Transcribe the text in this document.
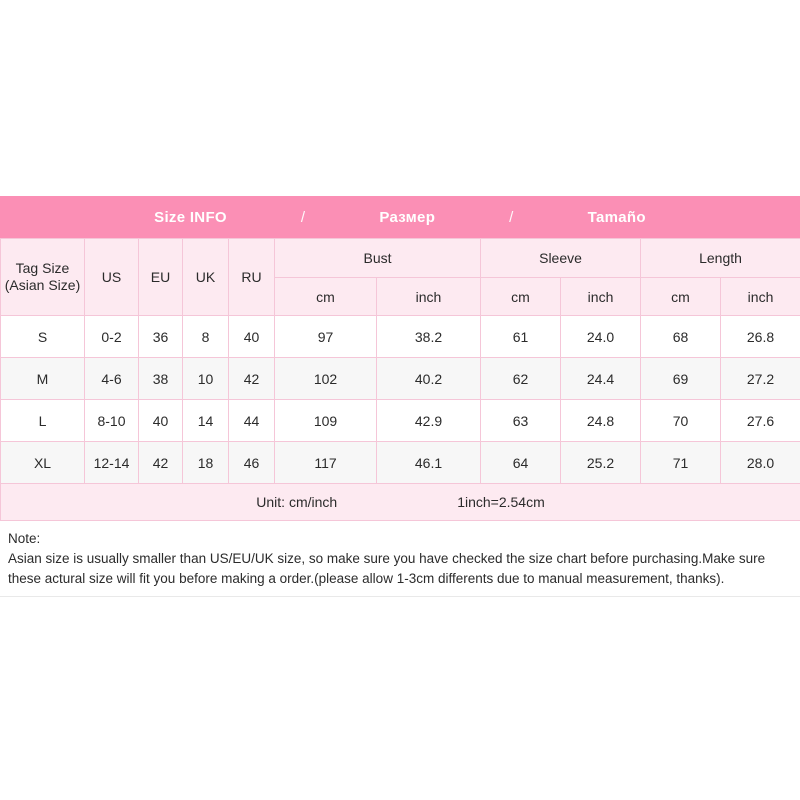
Size INFO	/	Размер	/	Tamaño
Tag Size
(Asian Size)	US	EU	UK	RU	Bust		Sleeve		Length	
					cm	inch	cm	inch	cm	inch
S	0-2	36	8	40	97	38.2	61	24.0	68	26.8
M	4-6	38	10	42	102	40.2	62	24.4	69	27.2
L	8-10	40	14	44	109	42.9	63	24.8	70	27.6
XL	12-14	42	18	46	117	46.1	64	25.2	71	28.0

Unit: cm/inch 1inch=2.54cm										
Note:
Asian size is usually smaller than US/EU/UK size, so make sure you have checked the size chart before purchasing.Make sure these actural size will fit you before making a order.(please allow 1-3cm differents due to manual measurement, thanks).
